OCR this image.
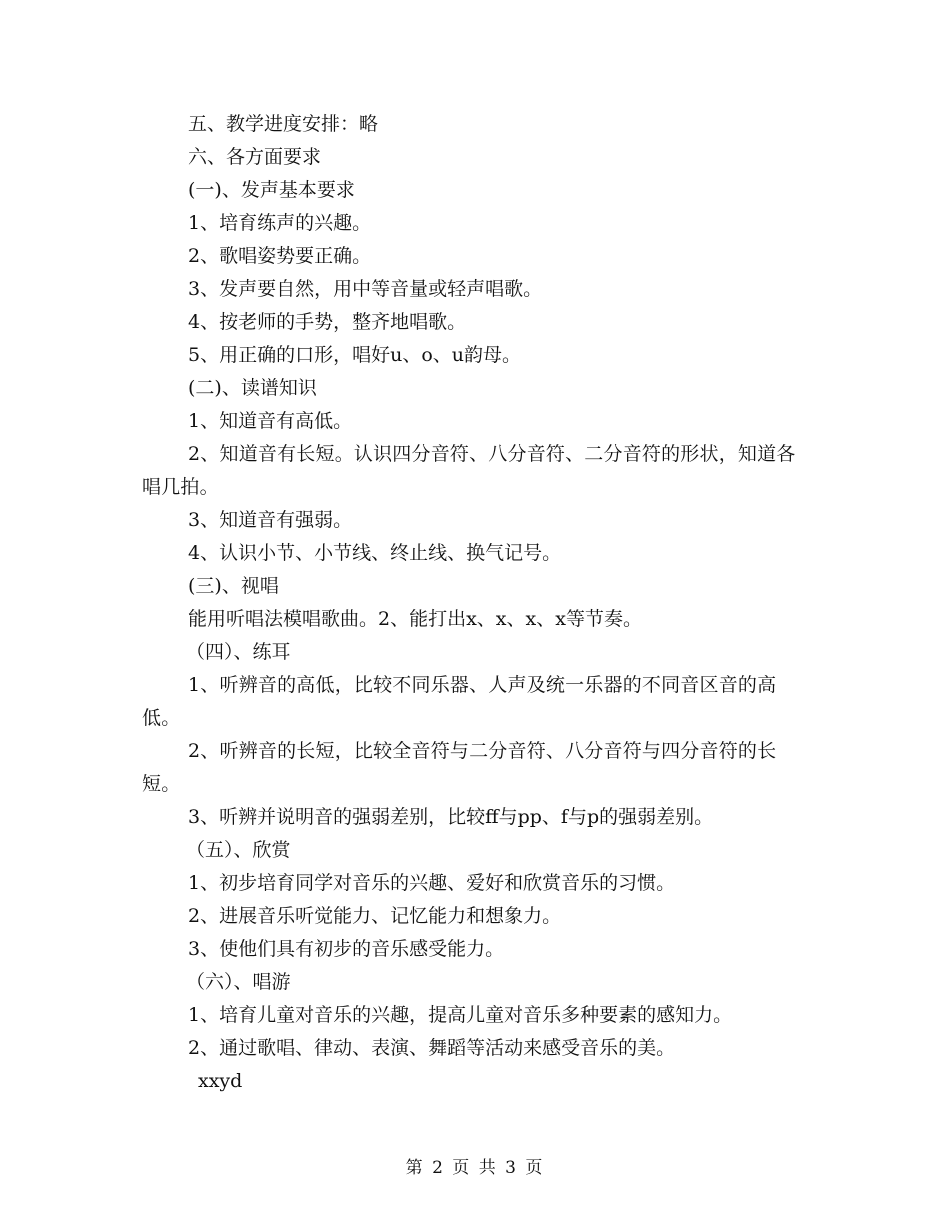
五、教学进度安排：略

六、各方面要求

(一)、发声基本要求

1、培育练声的兴趣。

2、歌唱姿势要正确。

3、发声要自然，用中等音量或轻声唱歌。

4、按老师的手势，整齐地唱歌。

5、用正确的口形，唱好u、o、u韵母。

(二)、读谱知识

1、知道音有高低。

2、知道音有长短。认识四分音符、八分音符、二分音符的形状，知道各唱几拍。

3、知道音有强弱。

4、认识小节、小节线、终止线、换气记号。

(三)、视唱

能用听唱法模唱歌曲。2、能打出x、x、x、x等节奏。

（四）、练耳

1、听辨音的高低，比较不同乐器、人声及统一乐器的不同音区音的高低。

2、听辨音的长短，比较全音符与二分音符、八分音符与四分音符的长短。

3、听辨并说明音的强弱差别，比较ff与pp、f与p的强弱差别。

（五）、欣赏

1、初步培育同学对音乐的兴趣、爱好和欣赏音乐的习惯。

2、进展音乐听觉能力、记忆能力和想象力。

3、使他们具有初步的音乐感受能力。

（六）、唱游

1、培育儿童对音乐的兴趣，提高儿童对音乐多种要素的感知力。

2、通过歌唱、律动、表演、舞蹈等活动来感受音乐的美。

xxyd

第 2 页 共 3 页
